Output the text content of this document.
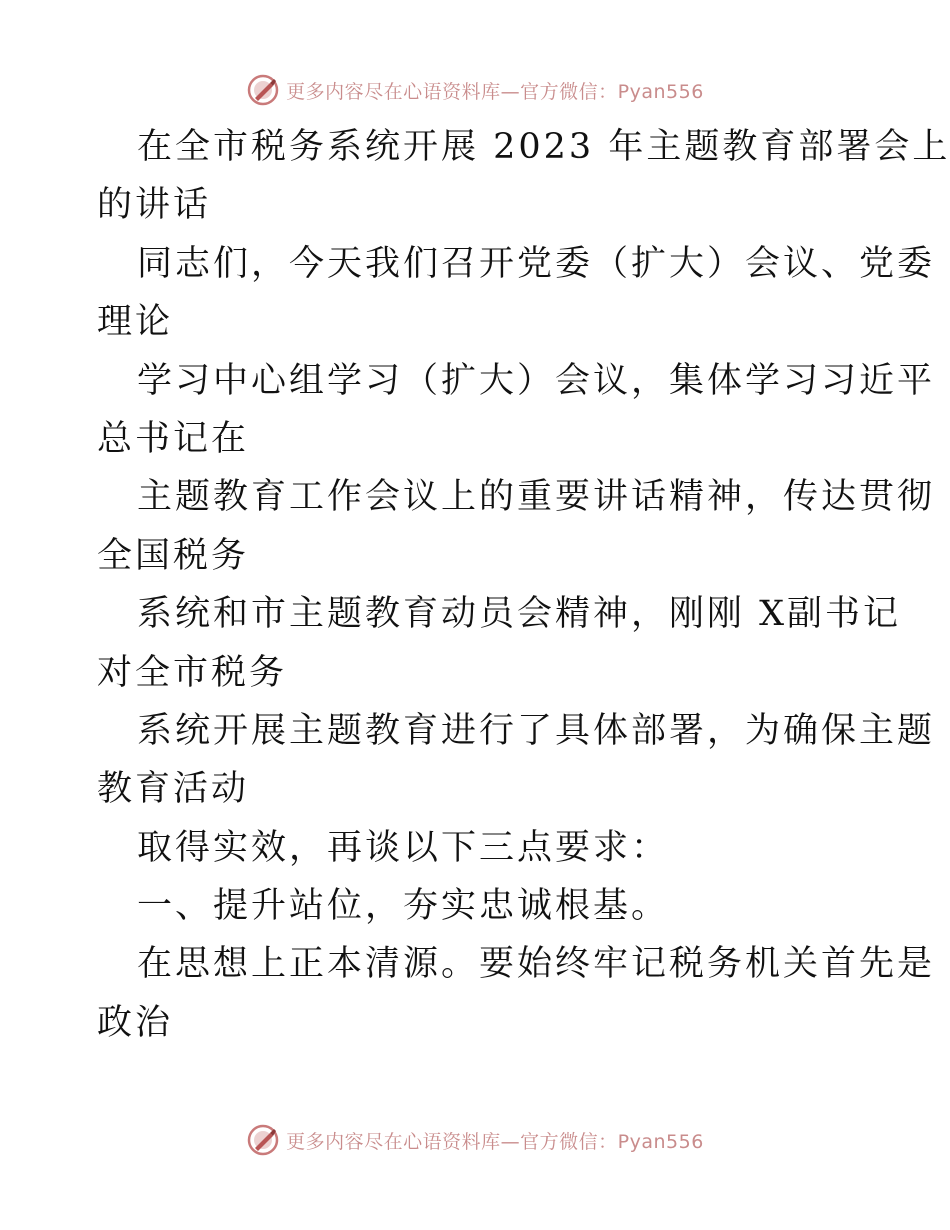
更多内容尽在心语资料库—官方微信：Pyan556
在全市税务系统开展 2023 年主题教育部署会上
的讲话
同志们，今天我们召开党委（扩大）会议、党委
理论
学习中心组学习（扩大）会议，集体学习习近平
总书记在
主题教育工作会议上的重要讲话精神，传达贯彻
全国税务
系统和市主题教育动员会精神，刚刚 X副书记
对全市税务
系统开展主题教育进行了具体部署，为确保主题
教育活动
取得实效，再谈以下三点要求：
一、提升站位，夯实忠诚根基。
在思想上正本清源。要始终牢记税务机关首先是
政治
更多内容尽在心语资料库—官方微信：Pyan556
